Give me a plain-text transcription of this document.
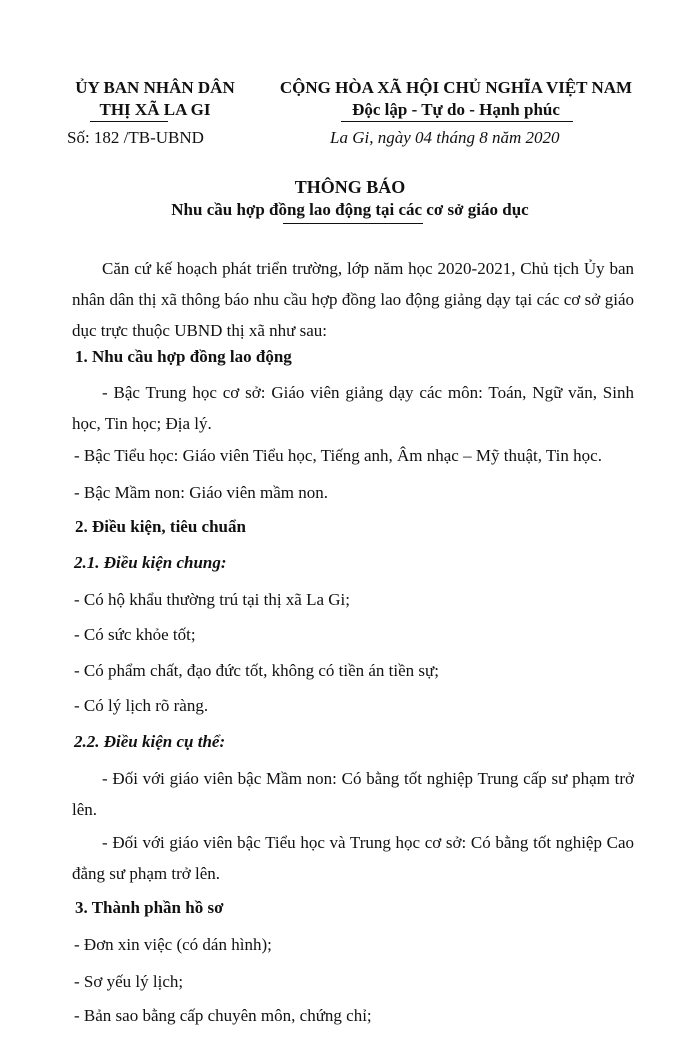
ỦY BAN NHÂN DÂN
THỊ XÃ LA GI
Số: 182 /TB-UBND
CỘNG HÒA XÃ HỘI CHỦ NGHĨA VIỆT NAM
Độc lập - Tự do - Hạnh phúc
La Gi, ngày 04 tháng 8 năm 2020
THÔNG BÁO
Nhu cầu hợp đồng lao động tại các cơ sở giáo dục
Căn cứ kế hoạch phát triển trường, lớp năm học 2020-2021, Chủ tịch Ủy ban nhân dân thị xã thông báo nhu cầu hợp đồng lao động giảng dạy tại các cơ sở giáo dục trực thuộc UBND thị xã như sau:
1. Nhu cầu hợp đồng lao động
- Bậc Trung học cơ sở: Giáo viên giảng dạy các môn: Toán, Ngữ văn, Sinh học, Tin học; Địa lý.
- Bậc Tiểu học: Giáo viên Tiểu học, Tiếng anh, Âm nhạc – Mỹ thuật, Tin học.
- Bậc Mầm non: Giáo viên mầm non.
2. Điều kiện, tiêu chuẩn
2.1. Điều kiện chung:
- Có hộ khẩu thường trú tại thị xã La Gi;
- Có sức khỏe tốt;
- Có phẩm chất, đạo đức tốt, không có tiền án tiền sự;
- Có lý lịch rõ ràng.
2.2. Điều kiện cụ thể:
- Đối với giáo viên bậc Mầm non: Có bằng tốt nghiệp Trung cấp sư phạm trở lên.
- Đối với giáo viên bậc Tiểu học và Trung học cơ sở: Có bằng tốt nghiệp Cao đẳng sư phạm trở lên.
3. Thành phần hồ sơ
- Đơn xin việc (có dán hình);
- Sơ yếu lý lịch;
- Bản sao bằng cấp chuyên môn, chứng chỉ;
